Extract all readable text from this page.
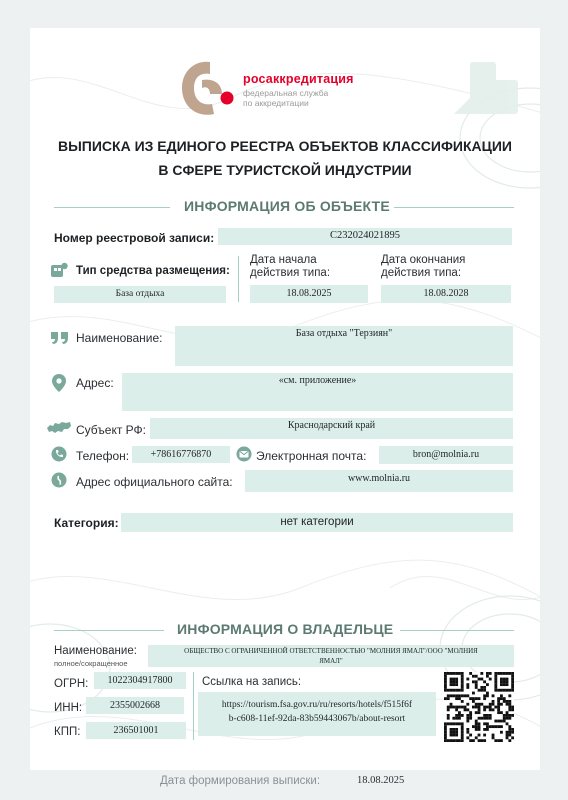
росаккредитация
федеральная служба
по аккредитации
ВЫПИСКА ИЗ ЕДИНОГО РЕЕСТРА ОБЪЕКТОВ КЛАССИФИКАЦИИ
В СФЕРЕ ТУРИСТСКОЙ ИНДУСТРИИ
ИНФОРМАЦИЯ ОБ ОБЪЕКТЕ
Номер реестровой записи:	С232024021895
Тип средства размещения:
База отдыха
Дата начала
действия типа:
18.08.2025
Дата окончания
действия типа:
18.08.2028
Наименование:	База отдыха "Терзиян"
Адрес:	«см. приложение»
Субъект РФ:	Краснодарский край
Телефон:	+78616776870	Электронная почта:	bron@molnia.ru
Адрес официального сайта:	www.molnia.ru
Категория:	нет категории
ИНФОРМАЦИЯ О ВЛАДЕЛЬЦЕ
Наименование:
полное/сокращенное
ОБЩЕСТВО С ОГРАНИЧЕННОЙ ОТВЕТСТВЕННОСТЬЮ "МОЛНИЯ ЯМАЛ"/ООО "МОЛНИЯ
ЯМАЛ"
ОГРН:	1022304917800
ИНН:	2355002668
КПП:	236501001
Ссылка на запись:
https://tourism.fsa.gov.ru/ru/resorts/hotels/f515f6f
b-c608-11ef-92da-83b59443067b/about-resort
Дата формирования выписки:	18.08.2025
